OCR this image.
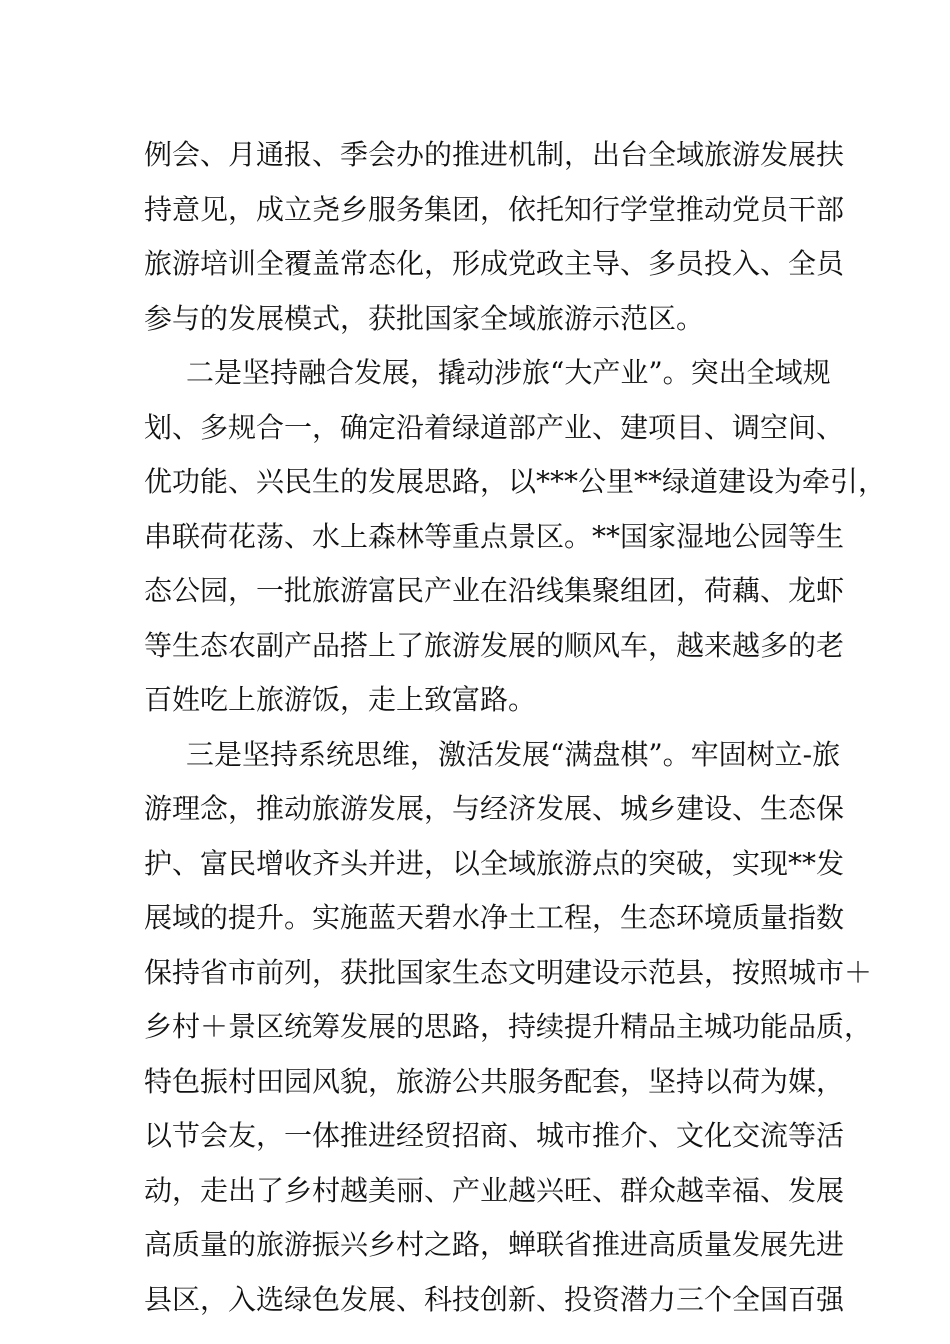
例会、月通报、季会办的推进机制，出台全域旅游发展扶
持意见，成立尧乡服务集团，依托知行学堂推动党员干部
旅游培训全覆盖常态化，形成党政主导、多员投入、全员
参与的发展模式，获批国家全域旅游示范区。
二是坚持融合发展，撬动涉旅“大产业”。突出全域规
划、多规合一，确定沿着绿道部产业、建项目、调空间、
优功能、兴民生的发展思路，以***公里**绿道建设为牵引，
串联荷花荡、水上森林等重点景区。**国家湿地公园等生
态公园，一批旅游富民产业在沿线集聚组团，荷藕、龙虾
等生态农副产品搭上了旅游发展的顺风车，越来越多的老
百姓吃上旅游饭，走上致富路。
三是坚持系统思维，激活发展“满盘棋”。牢固树立-旅
游理念，推动旅游发展，与经济发展、城乡建设、生态保
护、富民增收齐头并进，以全域旅游点的突破，实现**发
展域的提升。实施蓝天碧水净土工程，生态环境质量指数
保持省市前列，获批国家生态文明建设示范县，按照城市＋
乡村＋景区统筹发展的思路，持续提升精品主城功能品质，
特色振村田园风貌，旅游公共服务配套，坚持以荷为媒，
以节会友，一体推进经贸招商、城市推介、文化交流等活
动，走出了乡村越美丽、产业越兴旺、群众越幸福、发展
高质量的旅游振兴乡村之路，蝉联省推进高质量发展先进
县区，入选绿色发展、科技创新、投资潜力三个全国百强
